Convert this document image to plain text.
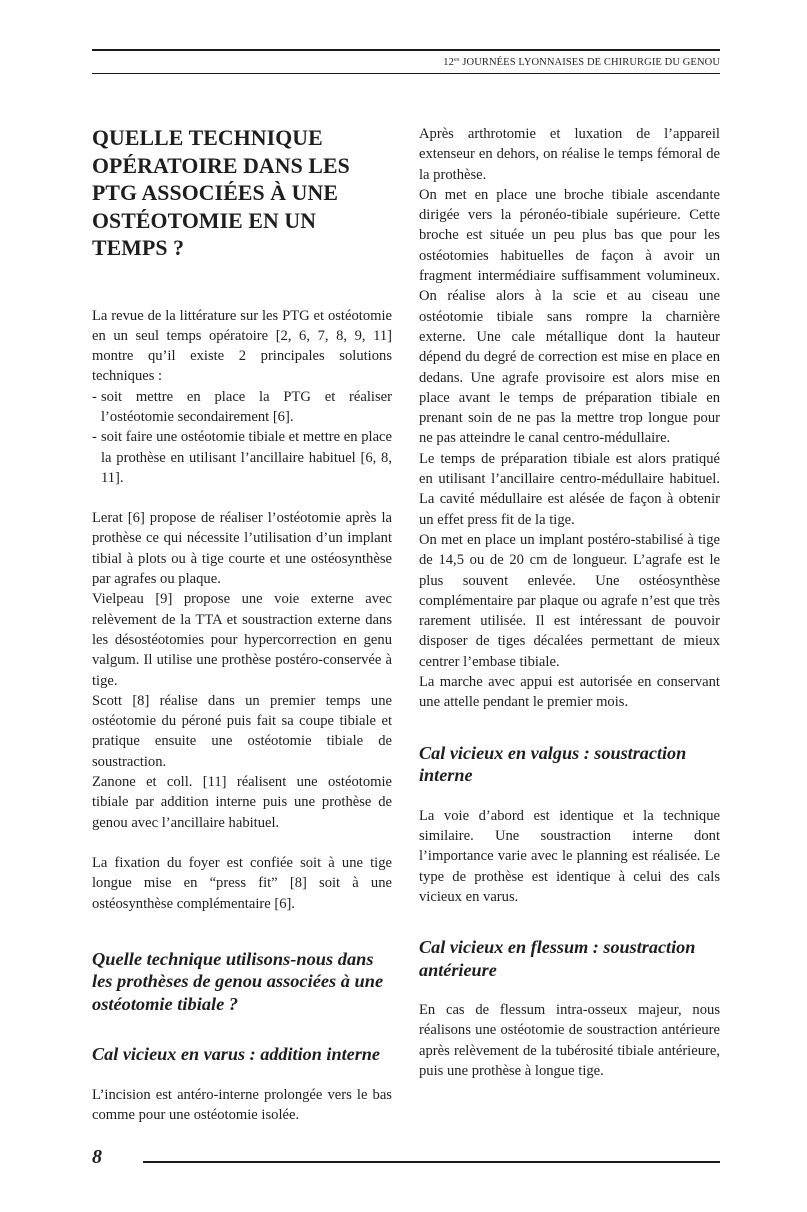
$12^{es}$ JOURNÉES LYONNAISES DE CHIRURGIE DU GENOU
QUELLE TECHNIQUE OPÉRATOIRE DANS LES PTG ASSOCIÉES À UNE OSTÉOTOMIE EN UN TEMPS ?

La revue de la littérature sur les PTG et ostéotomie en un seul temps opératoire [2, 6, 7, 8, 9, 11] montre qu’il existe 2 principales solutions techniques :

- soit mettre en place la PTG et réaliser l’ostéotomie secondairement [6].
- soit faire une ostéotomie tibiale et mettre en place la prothèse en utilisant l’ancillaire habituel [6, 8, 11].

Lerat [6] propose de réaliser l’ostéotomie après la prothèse ce qui nécessite l’utilisation d’un implant tibial à plots ou à tige courte et une ostéosynthèse par agrafes ou plaque.

Vielpeau [9] propose une voie externe avec relèvement de la TTA et soustraction externe dans les désostéotomies pour hypercorrection en genu valgum. Il utilise une prothèse postéro-conservée à tige.

Scott [8] réalise dans un premier temps une ostéotomie du péroné puis fait sa coupe tibiale et pratique ensuite une ostéotomie tibiale de soustraction.

Zanone et coll. [11] réalisent une ostéotomie tibiale par addition interne puis une prothèse de genou avec l’ancillaire habituel.

La fixation du foyer est confiée soit à une tige longue mise en “press fit” [8] soit à une ostéosynthèse complémentaire [6].

Quelle technique utilisons-nous dans les prothèses de genou associées à une ostéotomie tibiale ?
Cal vicieux en varus : addition interne

L’incision est antéro-interne prolongée vers le bas comme pour une ostéotomie isolée.

Après arthrotomie et luxation de l’appareil extenseur en dehors, on réalise le temps fémoral de la prothèse.

On met en place une broche tibiale ascendante dirigée vers la péronéo-tibiale supérieure. Cette broche est située un peu plus bas que pour les ostéotomies habituelles de façon à avoir un fragment intermédiaire suffisamment volumineux. On réalise alors à la scie et au ciseau une ostéotomie tibiale sans rompre la charnière externe. Une cale métallique dont la hauteur dépend du degré de correction est mise en place en dedans. Une agrafe provisoire est alors mise en place avant le temps de préparation tibiale en prenant soin de ne pas la mettre trop longue pour ne pas atteindre le canal centro-médullaire.

Le temps de préparation tibiale est alors pratiqué en utilisant l’ancillaire centro-médullaire habituel. La cavité médullaire est alésée de façon à obtenir un effet press fit de la tige.

On met en place un implant postéro-stabilisé à tige de 14,5 ou de 20 cm de longueur. L’agrafe est le plus souvent enlevée. Une ostéosynthèse complémentaire par plaque ou agrafe n’est que très rarement utilisée. Il est intéressant de pouvoir disposer de tiges décalées permettant de mieux centrer l’embase tibiale.

La marche avec appui est autorisée en conservant une attelle pendant le premier mois.

Cal vicieux en valgus : soustraction interne

La voie d’abord est identique et la technique similaire. Une soustraction interne dont l’importance varie avec le planning est réalisée. Le type de prothèse est identique à celui des cals vicieux en varus.

Cal vicieux en flessum : soustraction antérieure

En cas de flessum intra-osseux majeur, nous réalisons une ostéotomie de soustraction antérieure après relèvement de la tubérosité tibiale antérieure, puis une prothèse à longue tige.

8
